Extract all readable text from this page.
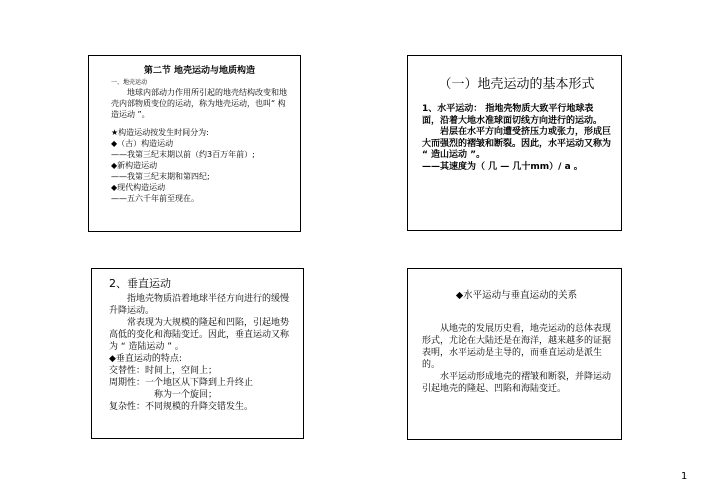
第二节 地壳运动与地质构造

一、地壳运动

地球内部动力作用所引起的地壳结构改变和地壳内部物质变位的运动，称为地壳运动，也叫“ 构造运动 ”。

★构造运动按发生时间分为:

◆（古）构造运动

——我第三纪末期以前（约3百万年前）;

◆新构造运动

——我第三纪末期和第四纪;

◆现代构造运动

——五六千年前至现在。

（一）地壳运动的基本形式

1、水平运动： 指地壳物质大致平行地球表面，沿着大地水准球面切线方向进行的运动。

岩层在水平方向遭受挤压力或张力，形成巨大而强烈的褶皱和断裂。因此，水平运动又称为 “ 造山运动 ”。

——其速度为（ 几 — 几十mm）/ a 。

2、垂直运动

指地壳物质沿着地球半径方向进行的缓慢升降运动。

常表现为大规模的隆起和凹陷，引起地势高低的变化和海陆变迁。因此，垂直运动又称为 “ 造陆运动 ” 。

◆垂直运动的特点:

交替性：时间上，空间上；

周期性：一个地区从下降到上升终止

称为一个旋回；

复杂性：不同规模的升降交错发生。

◆水平运动与垂直运动的关系

从地壳的发展历史看，地壳运动的总体表现形式，尤论在大陆还是在海洋，越来越多的证据表明，水平运动是主导的，而垂直运动是派生的。

水平运动形成地壳的褶皱和断裂，并降运动引起地壳的隆起、凹陷和海陆变迁。

1
